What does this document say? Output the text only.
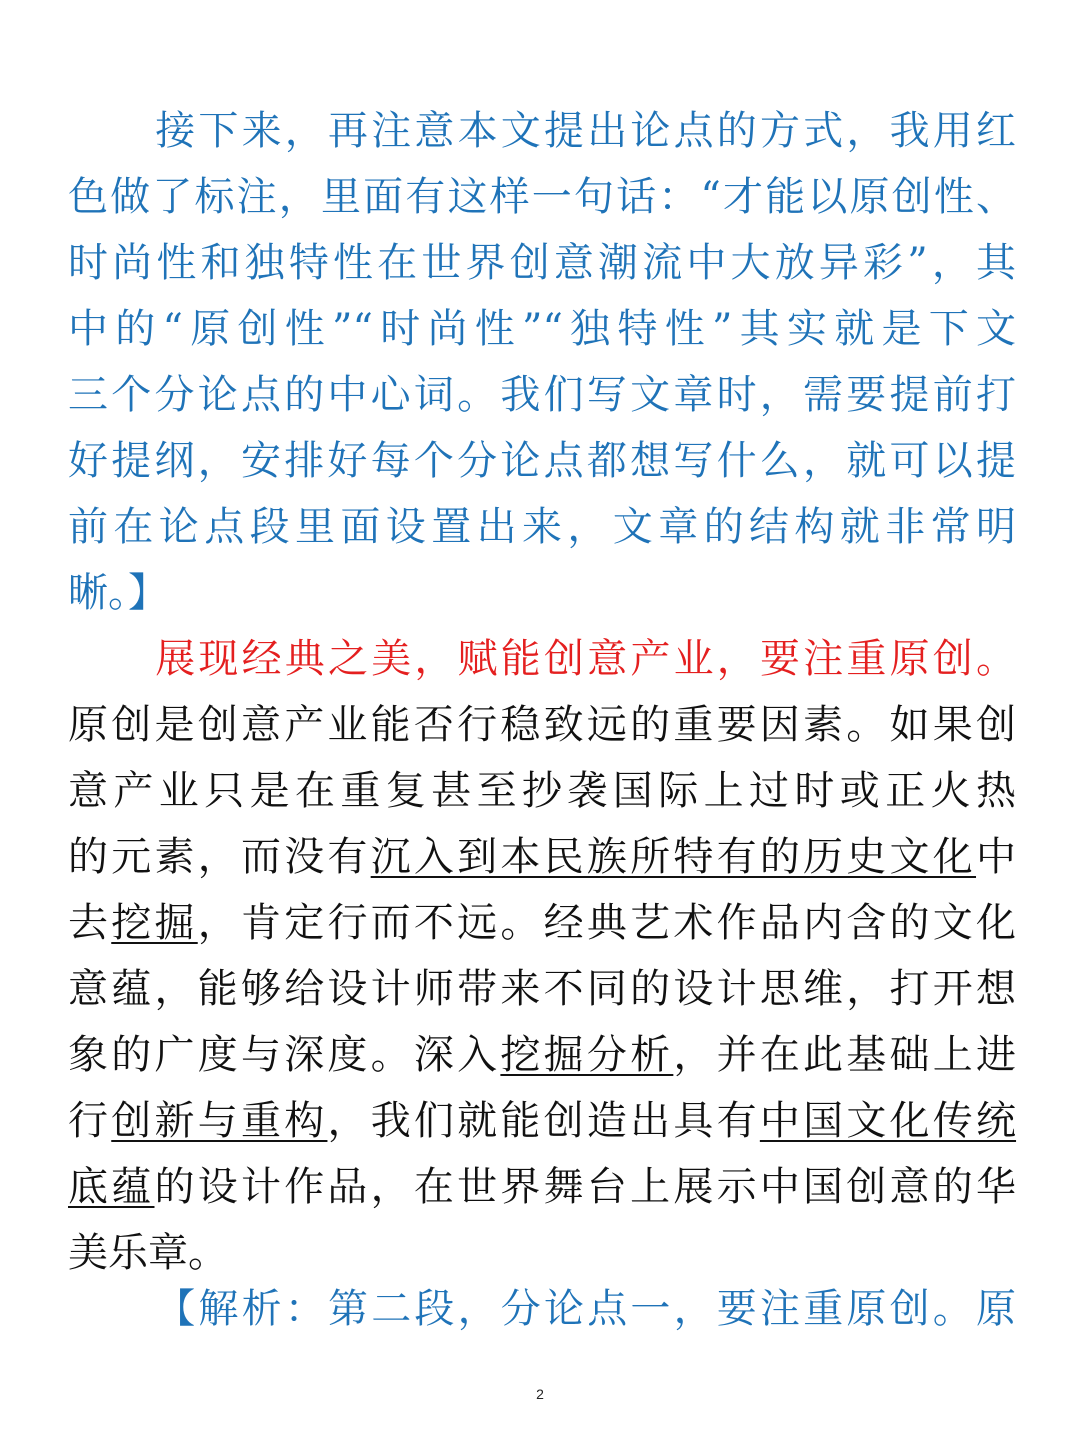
接下来，再注意本文提出论点的方式，我用红
色做了标注，里面有这样一句话：“才能以原创性、
时尚性和独特性在世界创意潮流中大放异彩”，其
中的“原创性”“时尚性”“独特性”其实就是下文
三个分论点的中心词。我们写文章时，需要提前打
好提纲，安排好每个分论点都想写什么，就可以提
前在论点段里面设置出来，文章的结构就非常明
晰。】
展现经典之美，赋能创意产业，要注重原创。
原创是创意产业能否行稳致远的重要因素。如果创
意产业只是在重复甚至抄袭国际上过时或正火热
的元素，而没有沉入到本民族所特有的历史文化中
去挖掘，肯定行而不远。经典艺术作品内含的文化
意蕴，能够给设计师带来不同的设计思维，打开想
象的广度与深度。深入挖掘分析，并在此基础上进
行创新与重构，我们就能创造出具有中国文化传统
底蕴的设计作品，在世界舞台上展示中国创意的华
美乐章。
【解析：第二段，分论点一，要注重原创。原
2
